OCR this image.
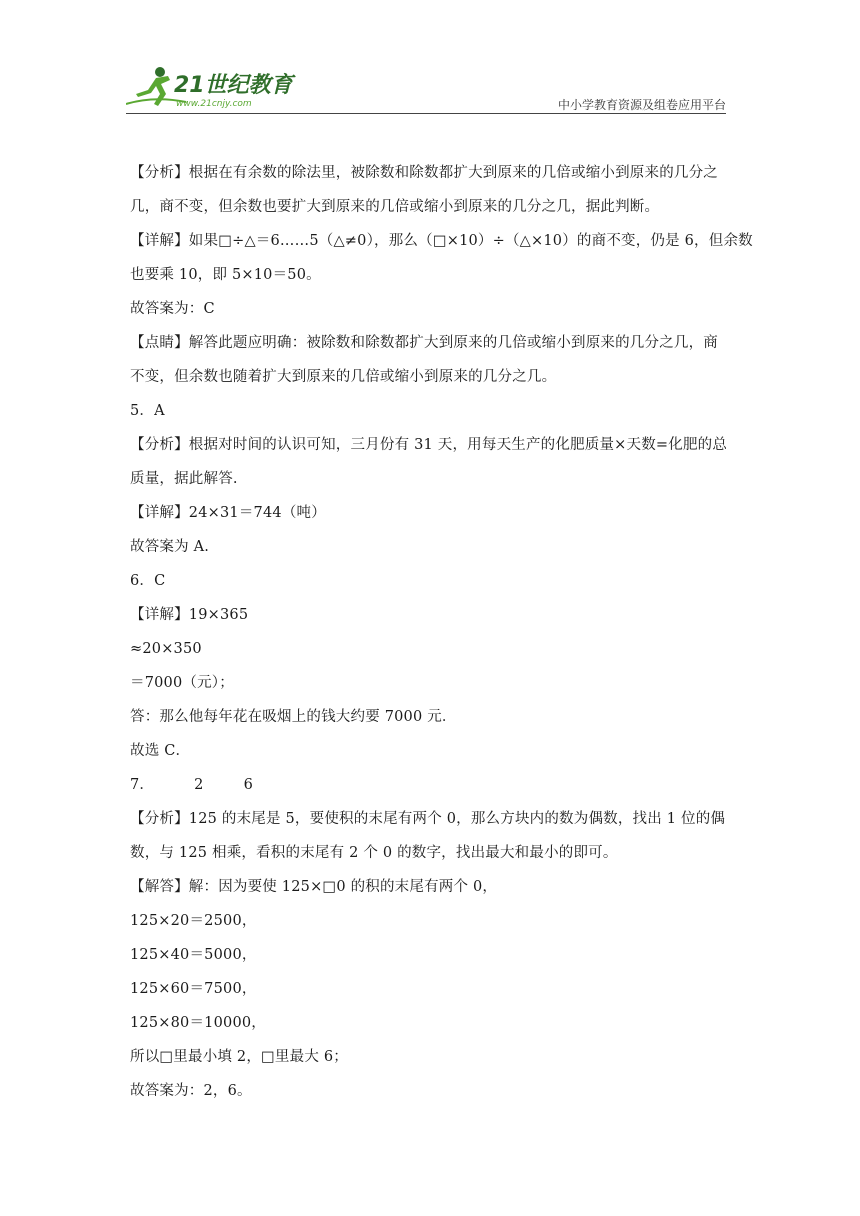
21世纪教育
www.21cnjy.com	中小学教育资源及组卷应用平台
【分析】根据在有余数的除法里，被除数和除数都扩大到原来的几倍或缩小到原来的几分之
几，商不变，但余数也要扩大到原来的几倍或缩小到原来的几分之几，据此判断。
【详解】如果□÷△＝6……5（△≠0），那么（□×10）÷（△×10）的商不变，仍是 6，但余数
也要乘 10，即 5×10＝50。
故答案为：C
【点睛】解答此题应明确：被除数和除数都扩大到原来的几倍或缩小到原来的几分之几，商
不变，但余数也随着扩大到原来的几倍或缩小到原来的几分之几。
5．A
【分析】根据对时间的认识可知，三月份有 31 天，用每天生产的化肥质量×天数=化肥的总
质量，据此解答.
【详解】24×31＝744（吨）
故答案为 A.
6．C
【详解】19×365
≈20×350
＝7000（元）；
答：那么他每年花在吸烟上的钱大约要 7000 元．
故选 C．
7．	2	6
【分析】125 的末尾是 5，要使积的末尾有两个 0，那么方块内的数为偶数，找出 1 位的偶
数，与 125 相乘，看积的末尾有 2 个 0 的数字，找出最大和最小的即可。
【解答】解：因为要使 125×□0 的积的末尾有两个 0，
125×20＝2500，
125×40＝5000，
125×60＝7500，
125×80＝10000，
所以□里最小填 2，□里最大 6；
故答案为：2，6。
